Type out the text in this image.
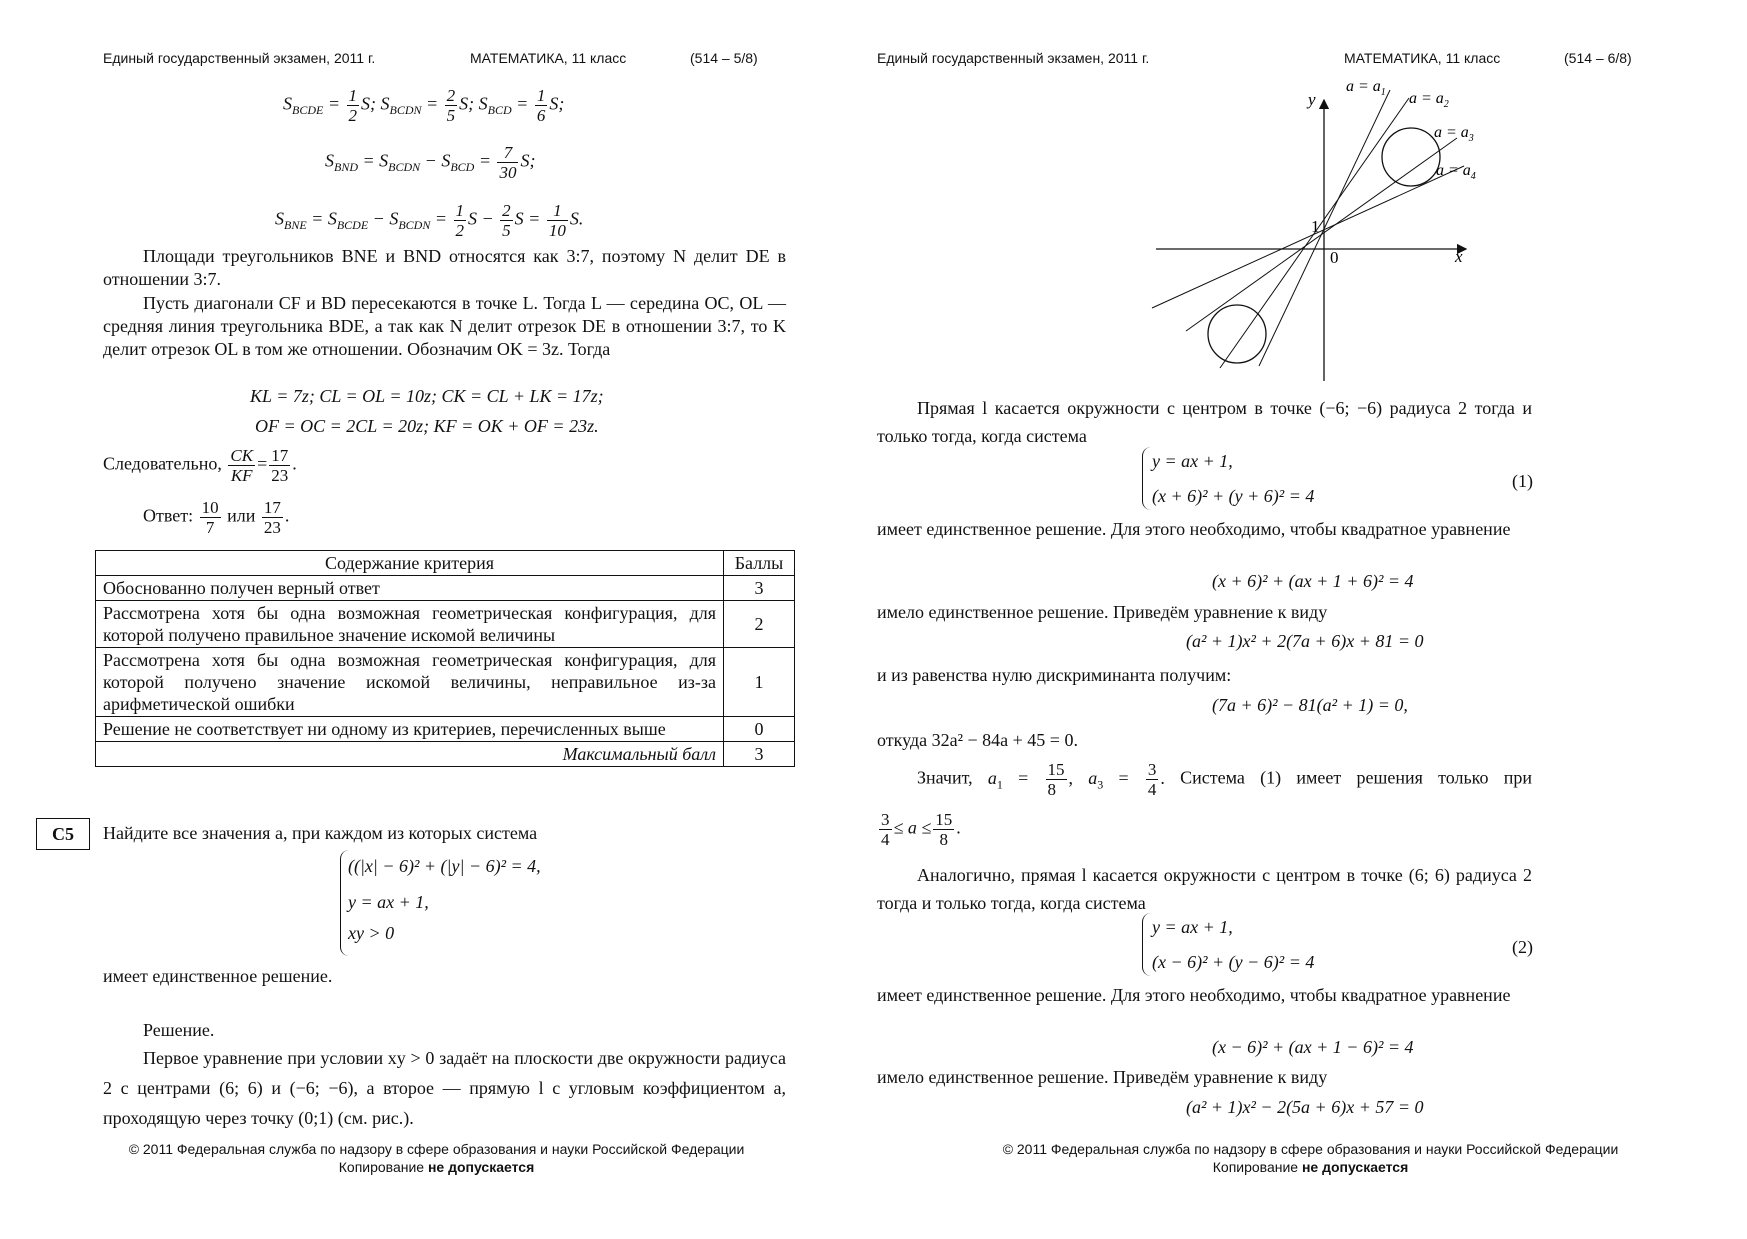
Единый государственный экзамен, 2011 г.	МАТЕМАТИКА, 11 класс	(514 – 5/8)
$S_{BCDE} = \frac{1}{2} S$; $S_{BCDN} = \frac{2}{5} S$; $S_{BCD} = \frac{1}{6} S$;
$S_{BND} = S_{BCDN} - S_{BCD} = \frac{7}{30} S$;
$S_{BNE} = S_{BCDE} - S_{BCDN} = \frac{1}{2}$ $S - \frac{2}{5}$ $S = \frac{1}{10} S$.
Площади треугольников BNE и BND относятся как 3:7, поэтому N делит DE в отношении 3:7.
Пусть диагонали CF и BD пересекаются в точке L. Тогда L — середина OC, OL — средняя линия треугольника BDE, а так как N делит отрезок DE в отношении 3:7, то K делит отрезок OL в том же отношении. Обозначим OK = 3z. Тогда
KL = 7z; CL = OL = 10z; CK = CL + LK = 17z;
OF = OC = 2CL = 20z; KF = OK + OF = 23z.
Следовательно, $\frac{CK}{KF} = \frac{17}{23}$ .
Ответ: $\frac{10}{7}$ или $\frac{17}{23}$ .
Содержание критерия	Баллы
Обоснованно получен верный ответ	3
Рассмотрена хотя бы одна возможная геометрическая конфигурация, для которой получено правильное значение искомой величины	2
Рассмотрена хотя бы одна возможная геометрическая конфигурация, для которой получено значение искомой величины, неправильное из-за арифметической ошибки	1
Решение не соответствует ни одному из критериев, перечисленных выше	0
Максимальный балл	3
C5	Найдите все значения a, при каждом из которых система
((|x| − 6)² + (|y| − 6)² = 4,
y = ax + 1,
xy > 0
имеет единственное решение.
Решение.
Первое уравнение при условии xy > 0 задаёт на плоскости две окружности радиуса 2 с центрами (6; 6) и (−6; −6), а второе — прямую l с угловым коэффициентом a, проходящую через точку (0;1) (см. рис.).
© 2011 Федеральная служба по надзору в сфере образования и науки Российской Федерации
Копирование не допускается
Единый государственный экзамен, 2011 г.	МАТЕМАТИКА, 11 класс	(514 – 6/8)
y
x
1
0
$a = a_1$ $a = a_2$
$a = a_3$
$a = a_4$
Прямая l касается окружности с центром в точке (−6; −6) радиуса 2 тогда и только тогда, когда система
y = ax + 1,
(x + 6)² + (y + 6)² = 4
(1)
имеет единственное решение. Для этого необходимо, чтобы квадратное уравнение
(x + 6)² + (ax + 1 + 6)² = 4
имело единственное решение. Приведём уравнение к виду
(a² + 1)x² + 2(7a + 6)x + 81 = 0
и из равенства нулю дискриминанта получим:
(7a + 6)² − 81(a² + 1) = 0,
откуда 32a² − 84a + 45 = 0.
Значит, $a_1 = \frac{15}{8}$ , $a_3 = \frac{3}{4}$ . Система (1) имеет решения только при
$\frac{3}{4} \le a \le \frac{15}{8}$ .
Аналогично, прямая l касается окружности с центром в точке (6; 6) радиуса 2 тогда и только тогда, когда система
y = ax + 1,
(x − 6)² + (y − 6)² = 4
(2)
имеет единственное решение. Для этого необходимо, чтобы квадратное уравнение
(x − 6)² + (ax + 1 − 6)² = 4
имело единственное решение. Приведём уравнение к виду
(a² + 1)x² − 2(5a + 6)x + 57 = 0
© 2011 Федеральная служба по надзору в сфере образования и науки Российской Федерации
Копирование не допускается
